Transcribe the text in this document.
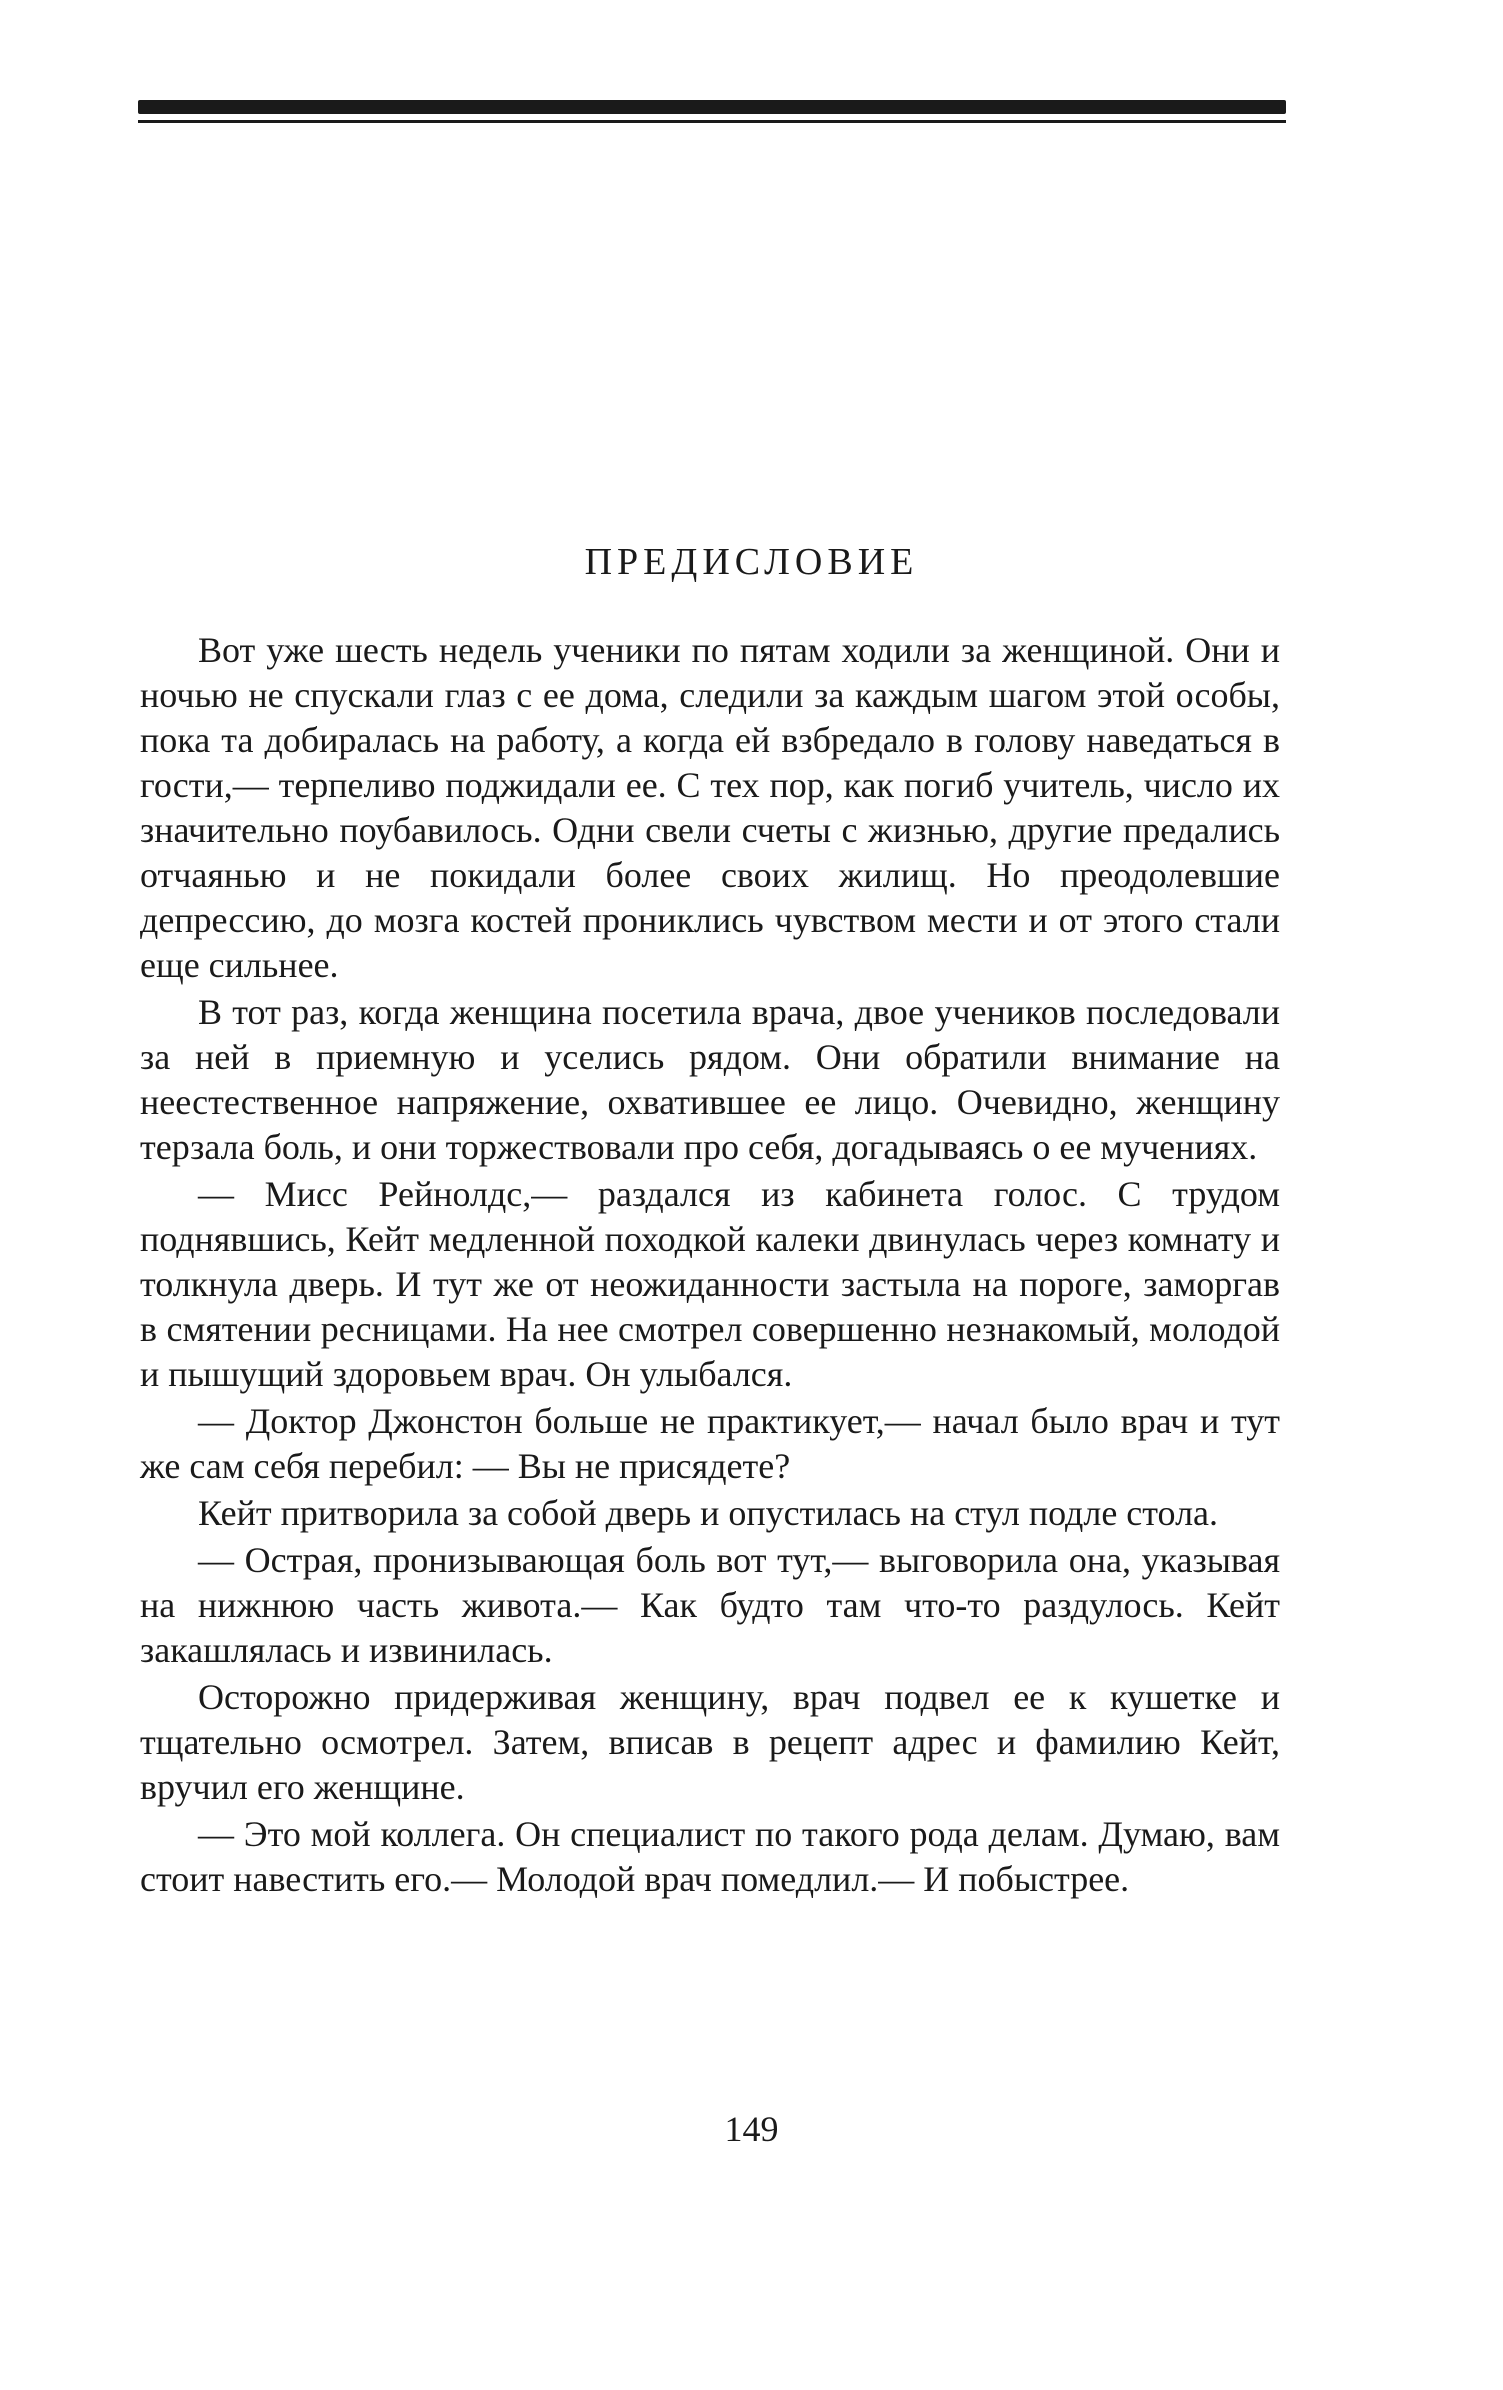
ПРЕДИСЛОВИЕ

Вот уже шесть недель ученики по пятам ходили за женщиной. Они и ночью не спускали глаз с ее дома, следили за каждым шагом этой особы, пока та добиралась на работу, а когда ей взбредало в голову наведаться в гости,— терпеливо поджидали ее. С тех пор, как погиб учитель, число их значительно поубавилось. Одни свели счеты с жизнью, другие предались отчаянью и не покидали более своих жилищ. Но преодолевшие депрессию, до мозга костей прониклись чувством мести и от этого стали еще сильнее.

В тот раз, когда женщина посетила врача, двое учеников последовали за ней в приемную и уселись рядом. Они обратили внимание на неестественное напряжение, охватившее ее лицо. Очевидно, женщину терзала боль, и они торжествовали про себя, догадываясь о ее мучениях.

— Мисс Рейнолдс,— раздался из кабинета голос. С трудом поднявшись, Кейт медленной походкой калеки двинулась через комнату и толкнула дверь. И тут же от неожиданности застыла на пороге, заморгав в смятении ресницами. На нее смотрел совершенно незнакомый, молодой и пышущий здоровьем врач. Он улыбался.

— Доктор Джонстон больше не практикует,— начал было врач и тут же сам себя перебил: — Вы не присядете?

Кейт притворила за собой дверь и опустилась на стул подле стола.

— Острая, пронизывающая боль вот тут,— выговорила она, указывая на нижнюю часть живота.— Как будто там что-то раздулось. Кейт закашлялась и извинилась.

Осторожно придерживая женщину, врач подвел ее к кушетке и тщательно осмотрел. Затем, вписав в рецепт адрес и фамилию Кейт, вручил его женщине.

— Это мой коллега. Он специалист по такого рода делам. Думаю, вам стоит навестить его.— Молодой врач помедлил.— И побыстрее.

149
